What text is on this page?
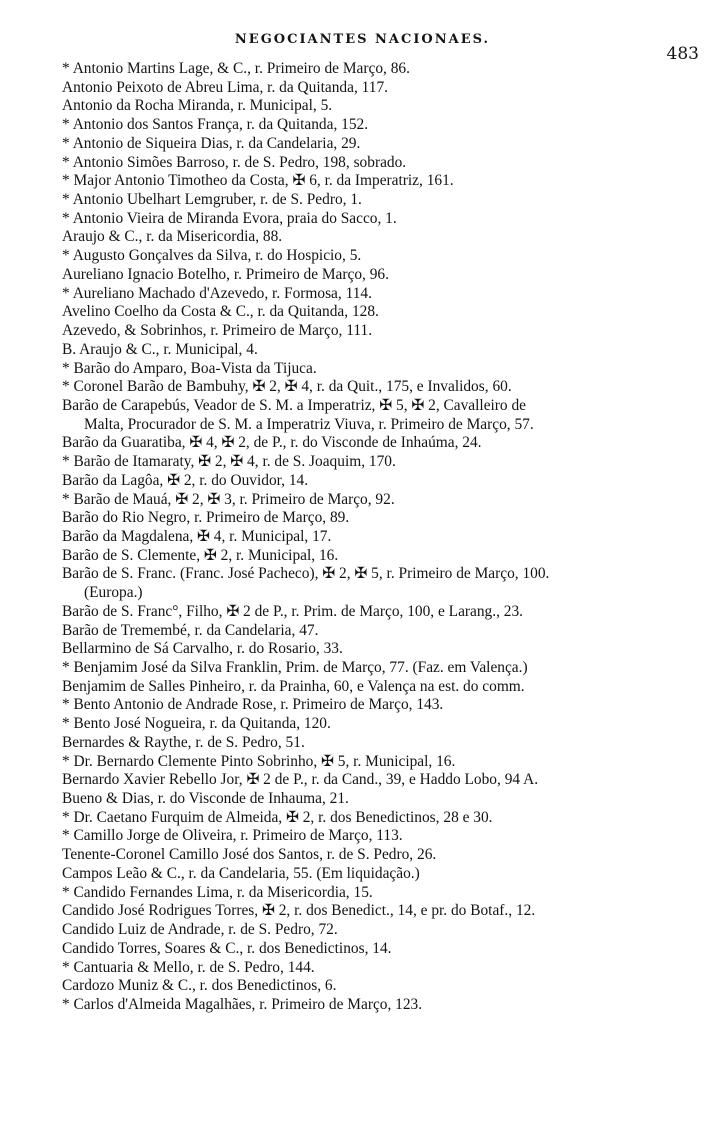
NEGOCIANTES NACIONAES.
483
* Antonio Martins Lage, & C., r. Primeiro de Março, 86.
Antonio Peixoto de Abreu Lima, r. da Quitanda, 117.
Antonio da Rocha Miranda, r. Municipal, 5.
* Antonio dos Santos França, r. da Quitanda, 152.
* Antonio de Siqueira Dias, r. da Candelaria, 29.
* Antonio Simões Barroso, r. de S. Pedro, 198, sobrado.
* Major Antonio Timotheo da Costa, ✠ 6, r. da Imperatriz, 161.
* Antonio Ubelhart Lemgruber, r. de S. Pedro, 1.
* Antonio Vieira de Miranda Evora, praia do Sacco, 1.
Araujo & C., r. da Misericordia, 88.
* Augusto Gonçalves da Silva, r. do Hospicio, 5.
Aureliano Ignacio Botelho, r. Primeiro de Março, 96.
* Aureliano Machado d'Azevedo, r. Formosa, 114.
Avelino Coelho da Costa & C., r. da Quitanda, 128.
Azevedo, & Sobrinhos, r. Primeiro de Março, 111.
B. Araujo & C., r. Municipal, 4.
* Barão do Amparo, Boa-Vista da Tijuca.
* Coronel Barão de Bambuhy, ✠ 2, ✠ 4, r. da Quit., 175, e Invalidos, 60.
Barão de Carapebús, Veador de S. M. a Imperatriz, ✠ 5, ✠ 2, Cavalleiro de
Malta, Procurador de S. M. a Imperatriz Viuva, r. Primeiro de Março, 57.
Barão da Guaratiba, ✠ 4, ✠ 2, de P., r. do Visconde de Inhaúma, 24.
* Barão de Itamaraty, ✠ 2, ✠ 4, r. de S. Joaquim, 170.
Barão da Lagôa, ✠ 2, r. do Ouvidor, 14.
* Barão de Mauá, ✠ 2, ✠ 3, r. Primeiro de Março, 92.
Barão do Rio Negro, r. Primeiro de Março, 89.
Barão da Magdalena, ✠ 4, r. Municipal, 17.
Barão de S. Clemente, ✠ 2, r. Municipal, 16.
Barão de S. Franc. (Franc. José Pacheco), ✠ 2, ✠ 5, r. Primeiro de Março, 100.
(Europa.)
Barão de S. Franc°, Filho, ✠ 2 de P., r. Prim. de Março, 100, e Larang., 23.
Barão de Tremembé, r. da Candelaria, 47.
Bellarmino de Sá Carvalho, r. do Rosario, 33.
* Benjamim José da Silva Franklin, Prim. de Março, 77. (Faz. em Valença.)
Benjamim de Salles Pinheiro, r. da Prainha, 60, e Valença na est. do comm.
* Bento Antonio de Andrade Rose, r. Primeiro de Março, 143.
* Bento José Nogueira, r. da Quitanda, 120.
Bernardes & Raythe, r. de S. Pedro, 51.
* Dr. Bernardo Clemente Pinto Sobrinho, ✠ 5, r. Municipal, 16.
Bernardo Xavier Rebello Jor, ✠ 2 de P., r. da Cand., 39, e Haddo Lobo, 94 A.
Bueno & Dias, r. do Visconde de Inhauma, 21.
* Dr. Caetano Furquim de Almeida, ✠ 2, r. dos Benedictinos, 28 e 30.
* Camillo Jorge de Oliveira, r. Primeiro de Março, 113.
Tenente-Coronel Camillo José dos Santos, r. de S. Pedro, 26.
Campos Leão & C., r. da Candelaria, 55. (Em liquidação.)
* Candido Fernandes Lima, r. da Misericordia, 15.
Candido José Rodrigues Torres, ✠ 2, r. dos Benedict., 14, e pr. do Botaf., 12.
Candido Luiz de Andrade, r. de S. Pedro, 72.
Candido Torres, Soares & C., r. dos Benedictinos, 14.
* Cantuaria & Mello, r. de S. Pedro, 144.
Cardozo Muniz & C., r. dos Benedictinos, 6.
* Carlos d'Almeida Magalhães, r. Primeiro de Março, 123.
